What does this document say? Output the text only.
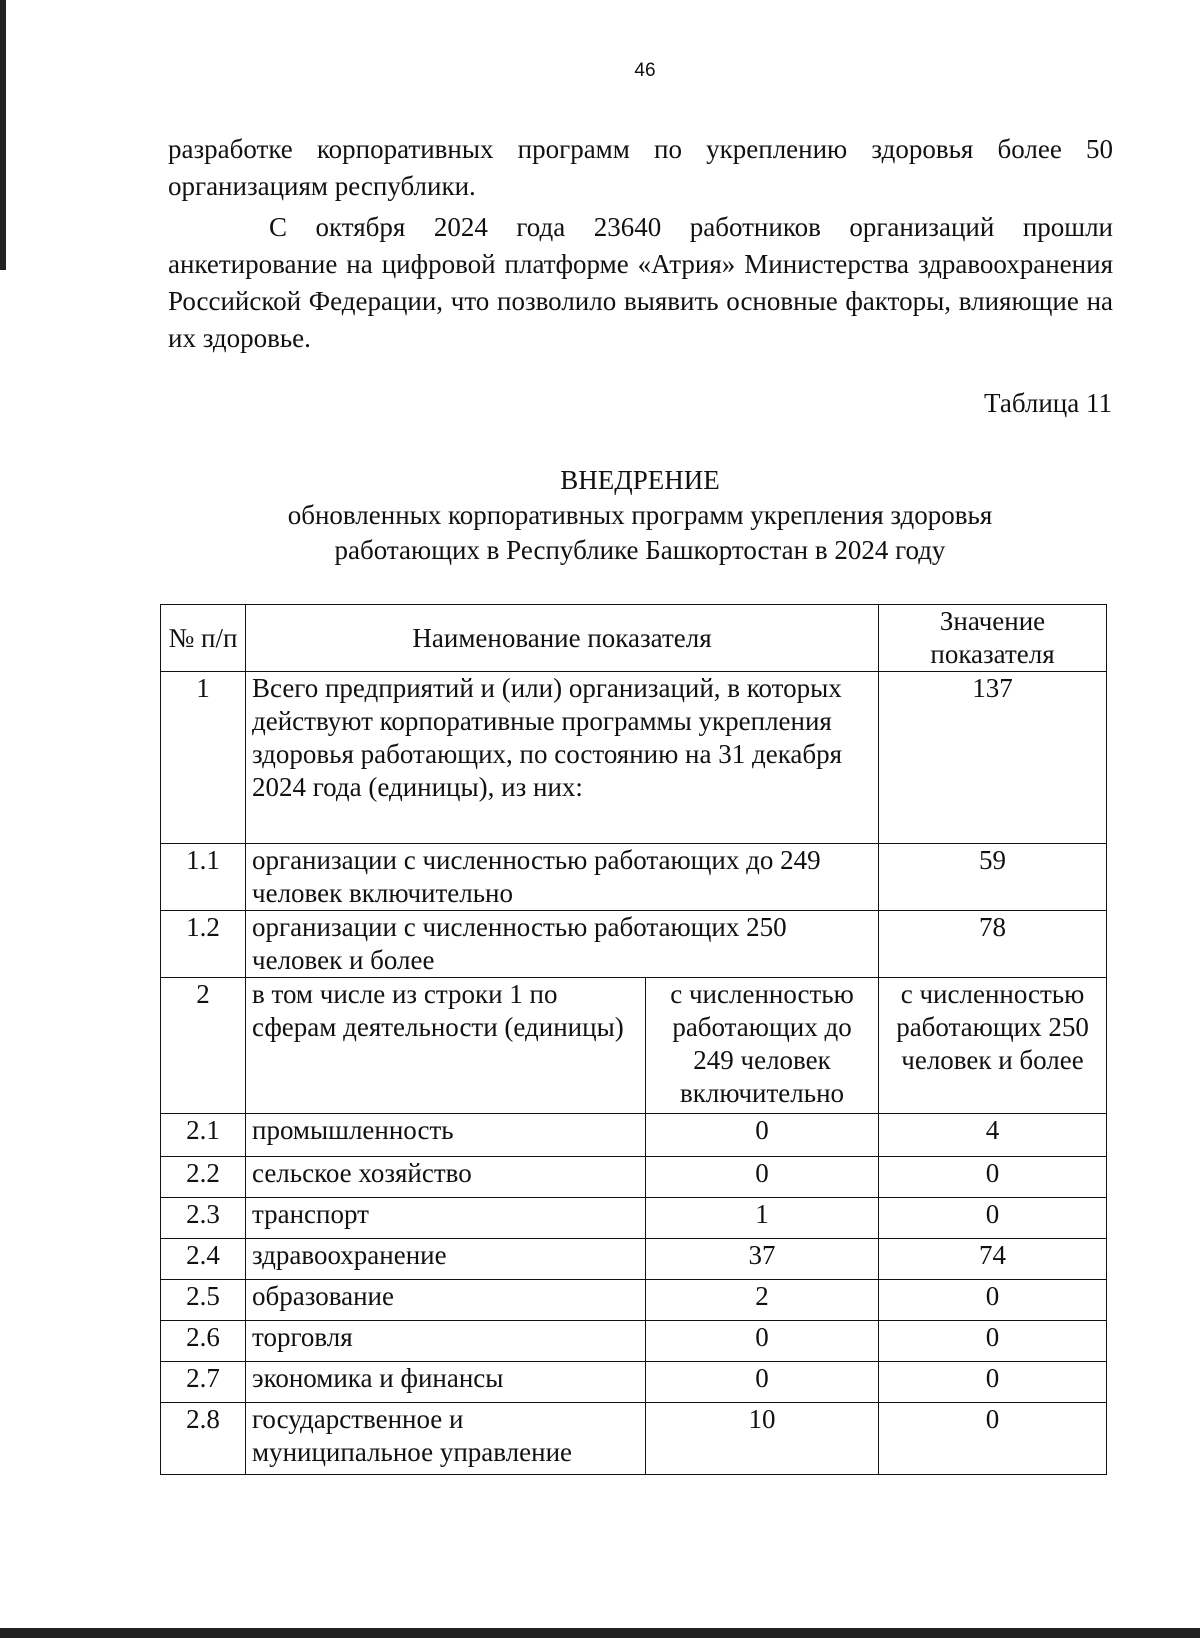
46

разработке корпоративных программ по укреплению здоровья более 50 организациям республики.

С октября 2024 года 23640 работников организаций прошли анкетирование на цифровой платформе «Атрия» Министерства здравоохранения Российской Федерации, что позволило выявить основные факторы, влияющие на их здоровье.

Таблица 11
ВНЕДРЕНИЕ
обновленных корпоративных программ укрепления здоровья
работающих в Республике Башкортостан в 2024 году
№ п/п	Наименование показателя		Значение показателя
1	Всего предприятий и (или) организаций, в которых действуют корпоративные программы укрепления здоровья работающих, по состоянию на 31 декабря 2024 года (единицы), из них:		137
1.1	организации с численностью работающих до 249 человек включительно		59
1.2	организации с численностью работающих 250 человек и более		78
2	в том числе из строки 1 по сферам деятельности (единицы)	с численностью работающих до 249 человек включительно	с численностью работающих 250 человек и более
2.1	промышленность	0	4
2.2	сельское хозяйство	0	0
2.3	транспорт	1	0
2.4	здравоохранение	37	74
2.5	образование	2	0
2.6	торговля	0	0
2.7	экономика и финансы	0	0
2.8	государственное и муниципальное управление	10	0
